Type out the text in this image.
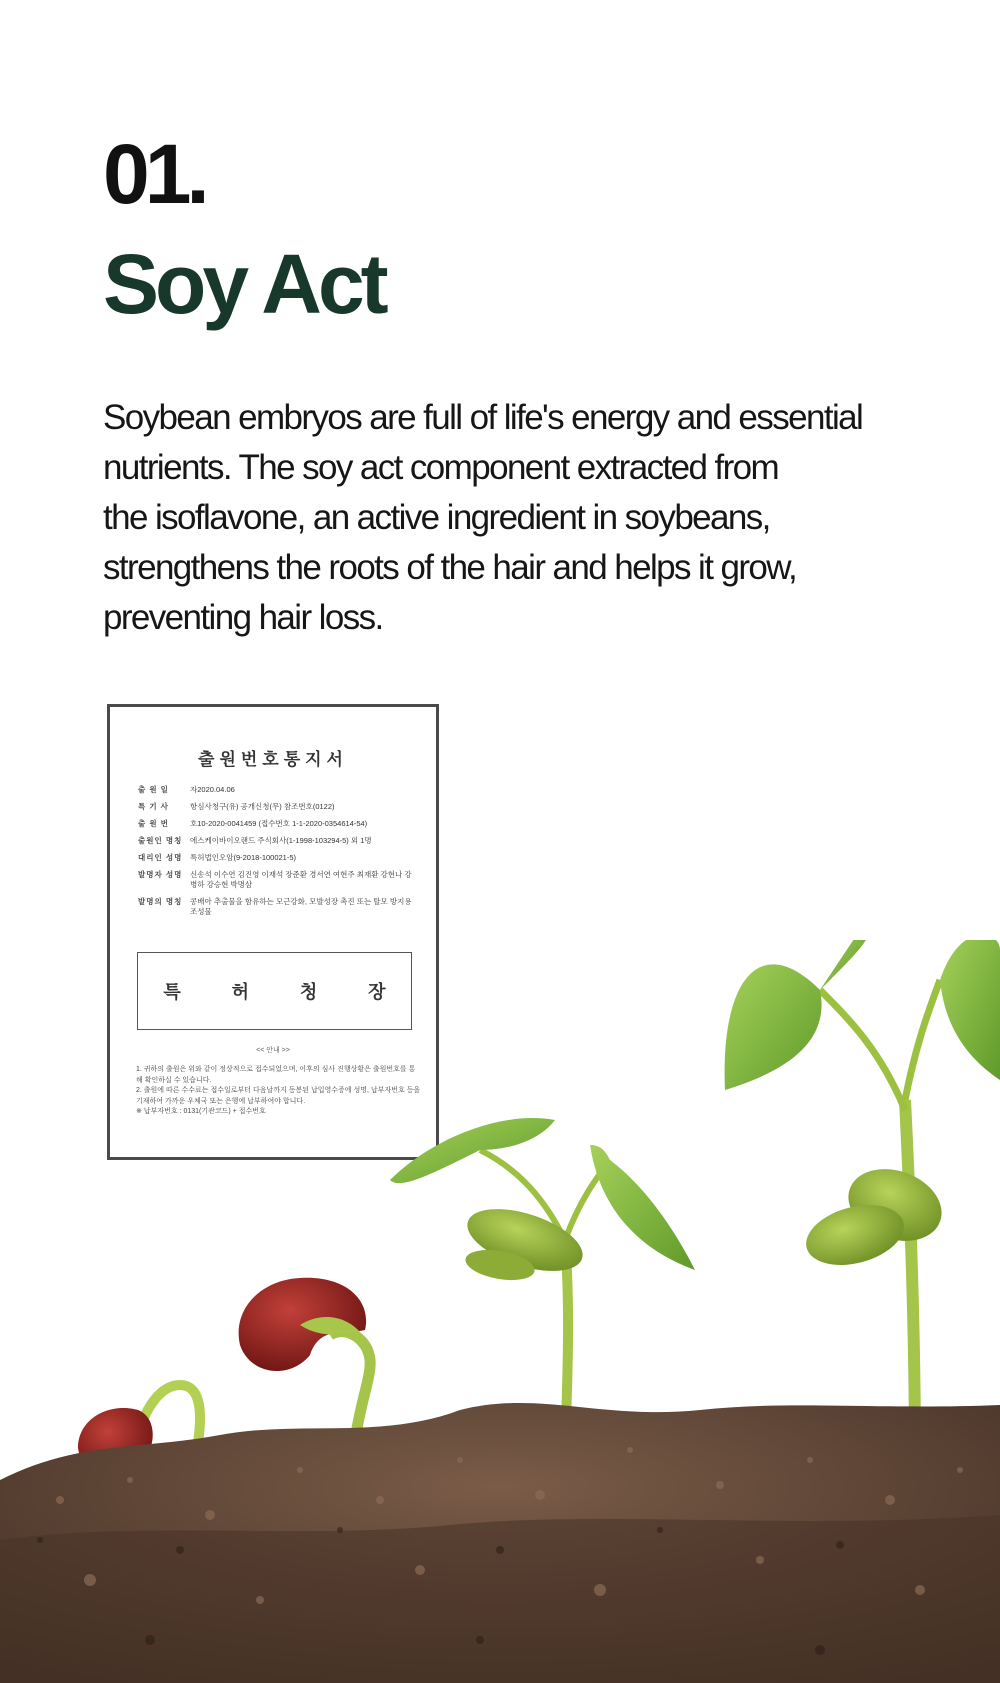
01.
Soy Act

Soybean embryos are full of life's energy and essential
nutrients. The soy act component extracted from
the isoflavone, an active ingredient in soybeans,
strengthens the roots of the hair and helps it grow,
preventing hair loss.

출원번호통지서
출 원 일	자2020.04.06
특 기 사	항심사청구(유) 공개신청(무) 참조번호(0122)
출 원 번	호10-2020-0041459 (접수번호 1-1-2020-0354614-54)
출원인 명칭	에스케이바이오랜드 주식회사(1-1998-103294-5) 외 1명
대리인 성명	특허법인오암(9-2018-100021-5)
발명자 성명	신송석 이수연 김진영 이재석 장준환 경서연 여현주 최재환 강현나 강병하 강승현 박명삼
발명의 명칭	콩배아 추출물을 함유하는 모근강화, 모발성장 촉진 또는 탈모 방지용 조성물
특	허	청	장
<< 안내 >>
1. 귀하의 출원은 위와 같이 정상적으로 접수되었으며, 이후의 심사 진행상황은 출원번호를 통해 확인하실 수 있습니다.
2. 출원에 따른 수수료는 접수일로부터 다음날까지 동봉된 납입영수증에 성명, 납부자번호 등을 기재하여 가까운 우체국 또는 은행에 납부하여야 합니다.
※ 납부자번호 : 0131(기관코드) + 접수번호
